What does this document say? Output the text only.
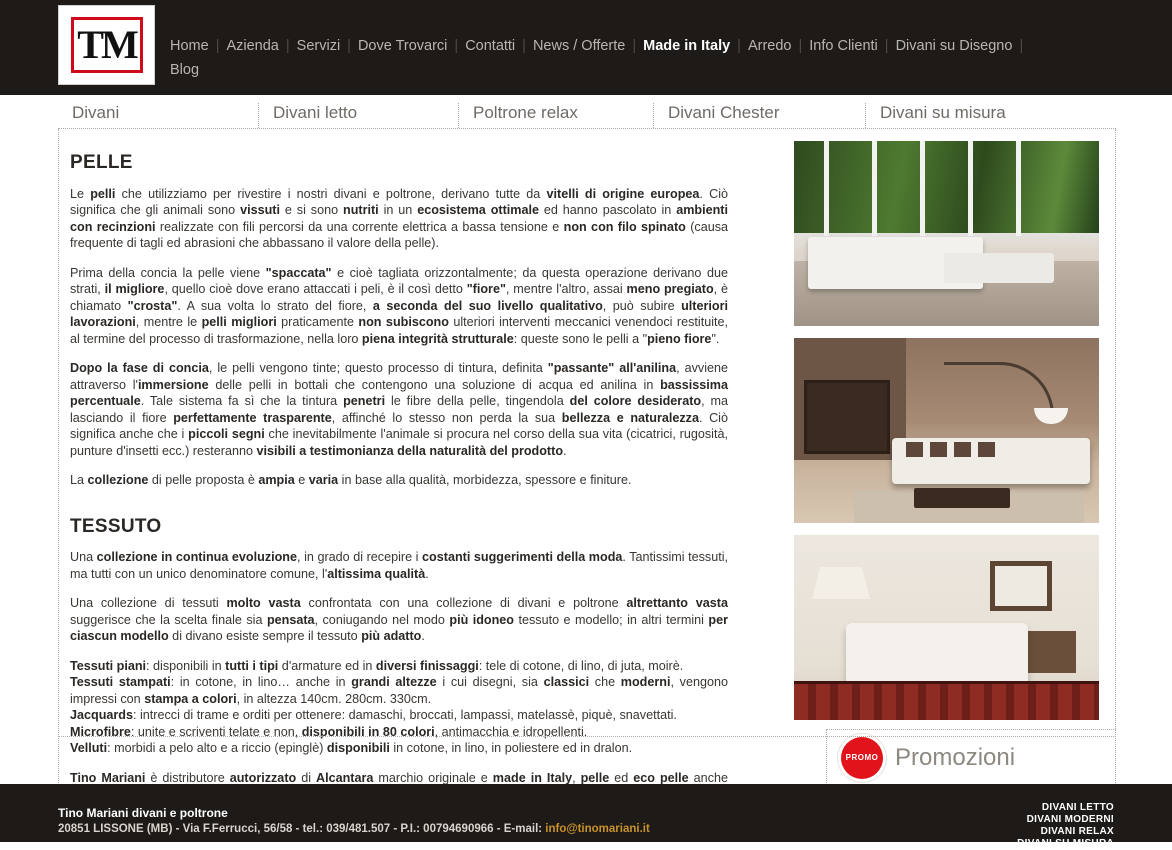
TM Home | Azienda | Servizi | Dove Trovarci | Contatti | News / Offerte | Made in Italy | Arredo | Info Clienti | Divani su Disegno |
Blog
Divani	Divani letto	Poltrone relax	Divani Chester	Divani su misura
PELLE

Le pelli che utilizziamo per rivestire i nostri divani e poltrone, derivano tutte da vitelli di origine europea. Ciò significa che gli animali sono vissuti e si sono nutriti in un ecosistema ottimale ed hanno pascolato in ambienti con recinzioni realizzate con fili percorsi da una corrente elettrica a bassa tensione e non con filo spinato (causa frequente di tagli ed abrasioni che abbassano il valore della pelle).

Prima della concia la pelle viene "spaccata" e cioè tagliata orizzontalmente; da questa operazione derivano due strati, il migliore, quello cioè dove erano attaccati i peli, è il così detto "fiore", mentre l'altro, assai meno pregiato, è chiamato "crosta". A sua volta lo strato del fiore, a seconda del suo livello qualitativo, può subire ulteriori lavorazioni, mentre le pelli migliori praticamente non subiscono ulteriori interventi meccanici venendoci restituite, al termine del processo di trasformazione, nella loro piena integrità strutturale: queste sono le pelli a "pieno fiore".

Dopo la fase di concia, le pelli vengono tinte; questo processo di tintura, definita "passante" all'anilina, avviene attraverso l'immersione delle pelli in bottali che contengono una soluzione di acqua ed anilina in bassissima percentuale. Tale sistema fa sì che la tintura penetri le fibre della pelle, tingendola del colore desiderato, ma lasciando il fiore perfettamente trasparente, affinché lo stesso non perda la sua bellezza e naturalezza. Ciò significa anche che i piccoli segni che inevitabilmente l'animale si procura nel corso della sua vita (cicatrici, rugosità, punture d'insetti ecc.) resteranno visibili a testimonianza della naturalità del prodotto.

La collezione di pelle proposta è ampia e varia in base alla qualità, morbidezza, spessore e finiture.

TESSUTO

Una collezione in continua evoluzione, in grado di recepire i costanti suggerimenti della moda. Tantissimi tessuti, ma tutti con un unico denominatore comune, l'altissima qualità.

Una collezione di tessuti molto vasta confrontata con una collezione di divani e poltrone altrettanto vasta suggerisce che la scelta finale sia pensata, coniugando nel modo più idoneo tessuto e modello; in altri termini per ciascun modello di divano esiste sempre il tessuto più adatto.

Tessuti piani: disponibili in tutti i tipi d'armature ed in diversi finissaggi: tele di cotone, di lino, di juta, moirè.

Tessuti stampati: in cotone, in lino… anche in grandi altezze i cui disegni, sia classici che moderni, vengono impressi con stampa a colori, in altezza 140cm. 280cm. 330cm.

Jacquards: intrecci di trame e orditi per ottenere: damaschi, broccati, lampassi, matelassè, piquè, snavettati.

Microfibre: unite e scriventi telate e non, disponibili in 80 colori, antimacchia e idropellenti.

Velluti: morbidi a pelo alto e a riccio (epinglè) disponibili in cotone, in lino, in poliestere ed in dralon.

Tino Mariani è distributore autorizzato di Alcantara marchio originale e made in Italy, pelle ed eco pelle anche

PROMO Promozioni
Tino Mariani divani e poltrone
20851 LISSONE (MB) - Via F.Ferrucci, 56/58 - tel.: 039/481.507 - P.I.: 00794690966 - E-mail: info@tinomariani.it
DIVANI LETTO
DIVANI MODERNI
DIVANI RELAX
DIVANI SU MISURA
